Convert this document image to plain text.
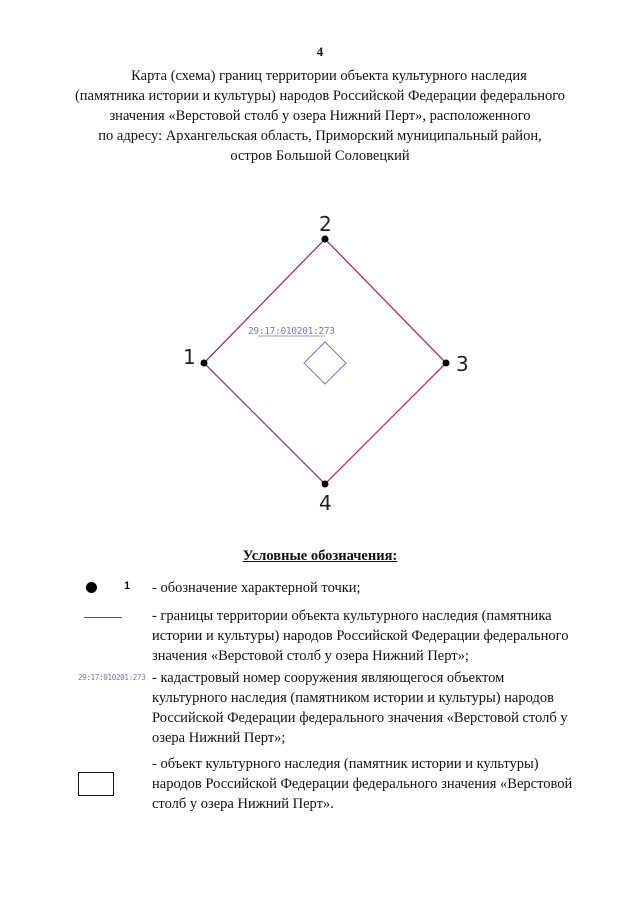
4
Карта (схема) границ территории объекта культурного наследия
(памятника истории и культуры) народов Российской Федерации федерального
значения «Верстовой столб у озера Нижний Перт», расположенного
по адресу: Архангельская область, Приморский муниципальный район,
остров Большой Соловецкий
29:17:010201:273
1
2
3
4
Условные обозначения:
1 - обозначение характерной точки;
- границы территории объекта культурного наследия (памятника
истории и культуры) народов Российской Федерации федерального
значения «Верстовой столб у озера Нижний Перт»;
29:17:010201:273 - кадастровый номер сооружения являющегося объектом
культурного наследия (памятником истории и культуры) народов
Российской Федерации федерального значения «Верстовой столб у
озера Нижний Перт»;
- объект культурного наследия (памятник истории и культуры)
народов Российской Федерации федерального значения «Верстовой
столб у озера Нижний Перт».
